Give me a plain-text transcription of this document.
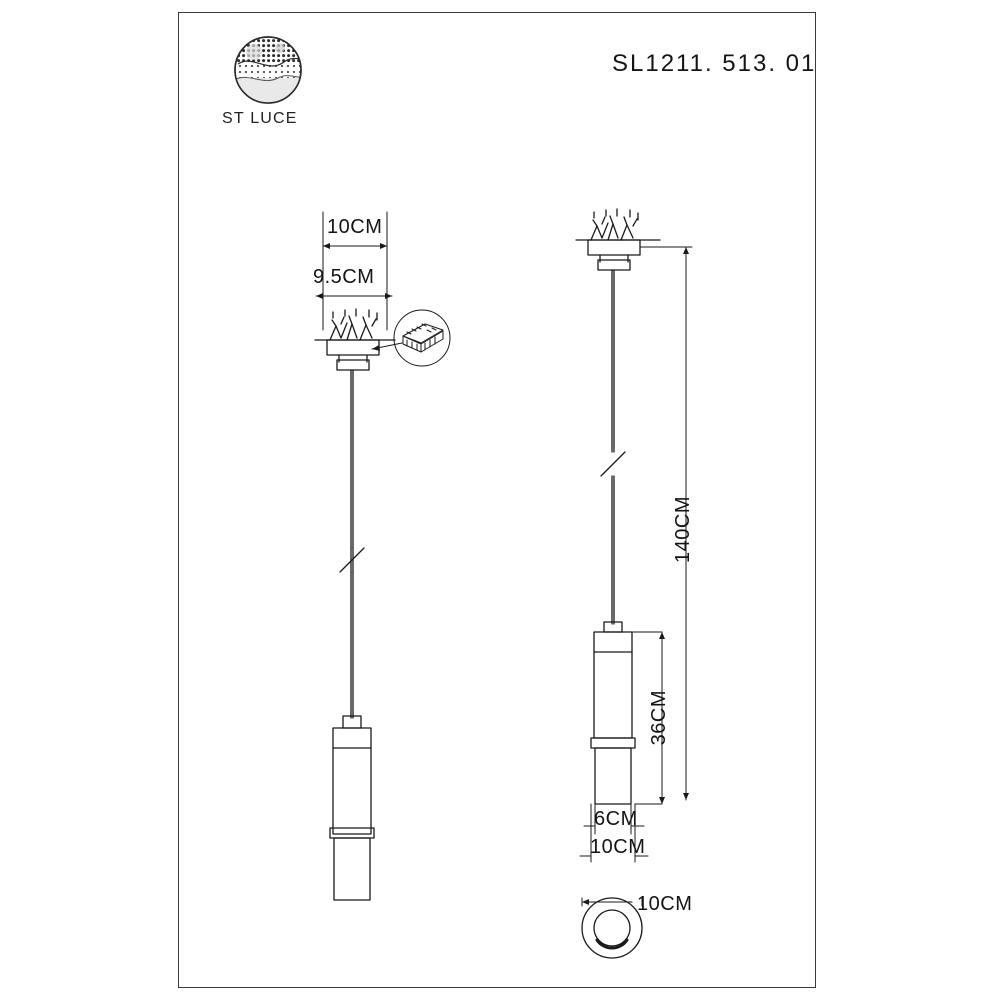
ST LUCE
SL1211. 513. 01
10CM
9.5CM
140CM
36CM
6CM
10CM
10CM
